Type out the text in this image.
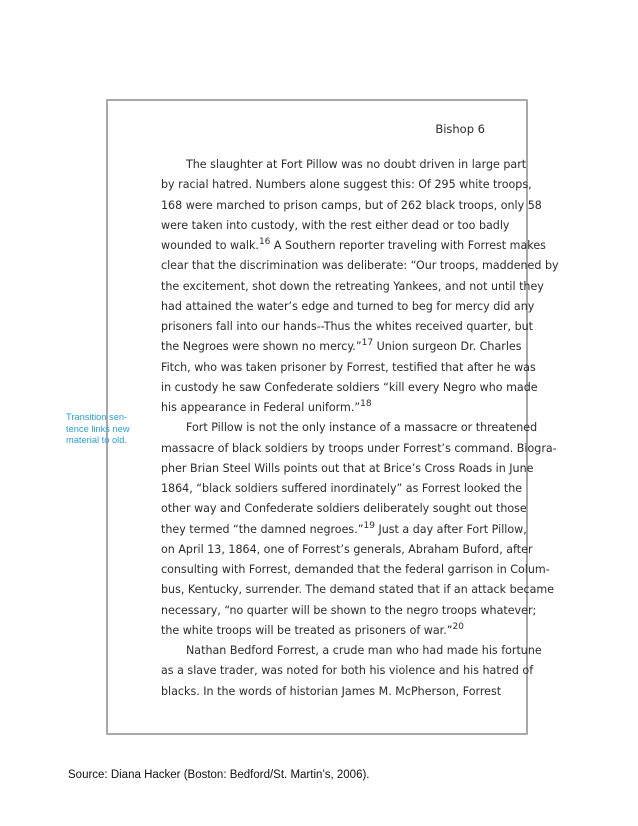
Bishop 6
The slaughter at Fort Pillow was no doubt driven in large part
by racial hatred. Numbers alone suggest this: Of 295 white troops,
168 were marched to prison camps, but of 262 black troops, only 58
were taken into custody, with the rest either dead or too badly
wounded to walk.$^{16}$ A Southern reporter traveling with Forrest makes
clear that the discrimination was deliberate: “Our troops, maddened by
the excitement, shot down the retreating Yankees, and not until they
had attained the water’s edge and turned to beg for mercy did any
prisoners fall into our hands--Thus the whites received quarter, but
the Negroes were shown no mercy.”$^{17}$ Union surgeon Dr. Charles
Fitch, who was taken prisoner by Forrest, testified that after he was
in custody he saw Confederate soldiers “kill every Negro who made
his appearance in Federal uniform.”$^{18}$
Fort Pillow is not the only instance of a massacre or threatened
massacre of black soldiers by troops under Forrest’s command. Biogra-
pher Brian Steel Wills points out that at Brice’s Cross Roads in June
1864, “black soldiers suffered inordinately” as Forrest looked the
other way and Confederate soldiers deliberately sought out those
they termed “the damned negroes.”$^{19}$ Just a day after Fort Pillow,
on April 13, 1864, one of Forrest’s generals, Abraham Buford, after
consulting with Forrest, demanded that the federal garrison in Colum-
bus, Kentucky, surrender. The demand stated that if an attack became
necessary, “no quarter will be shown to the negro troops whatever;
the white troops will be treated as prisoners of war.”$^{20}$
Nathan Bedford Forrest, a crude man who had made his fortune
as a slave trader, was noted for both his violence and his hatred of
blacks. In the words of historian James M. McPherson, Forrest
Transition sen-
tence links new
material to old.
Source: Diana Hacker (Boston: Bedford/St. Martin’s, 2006).
